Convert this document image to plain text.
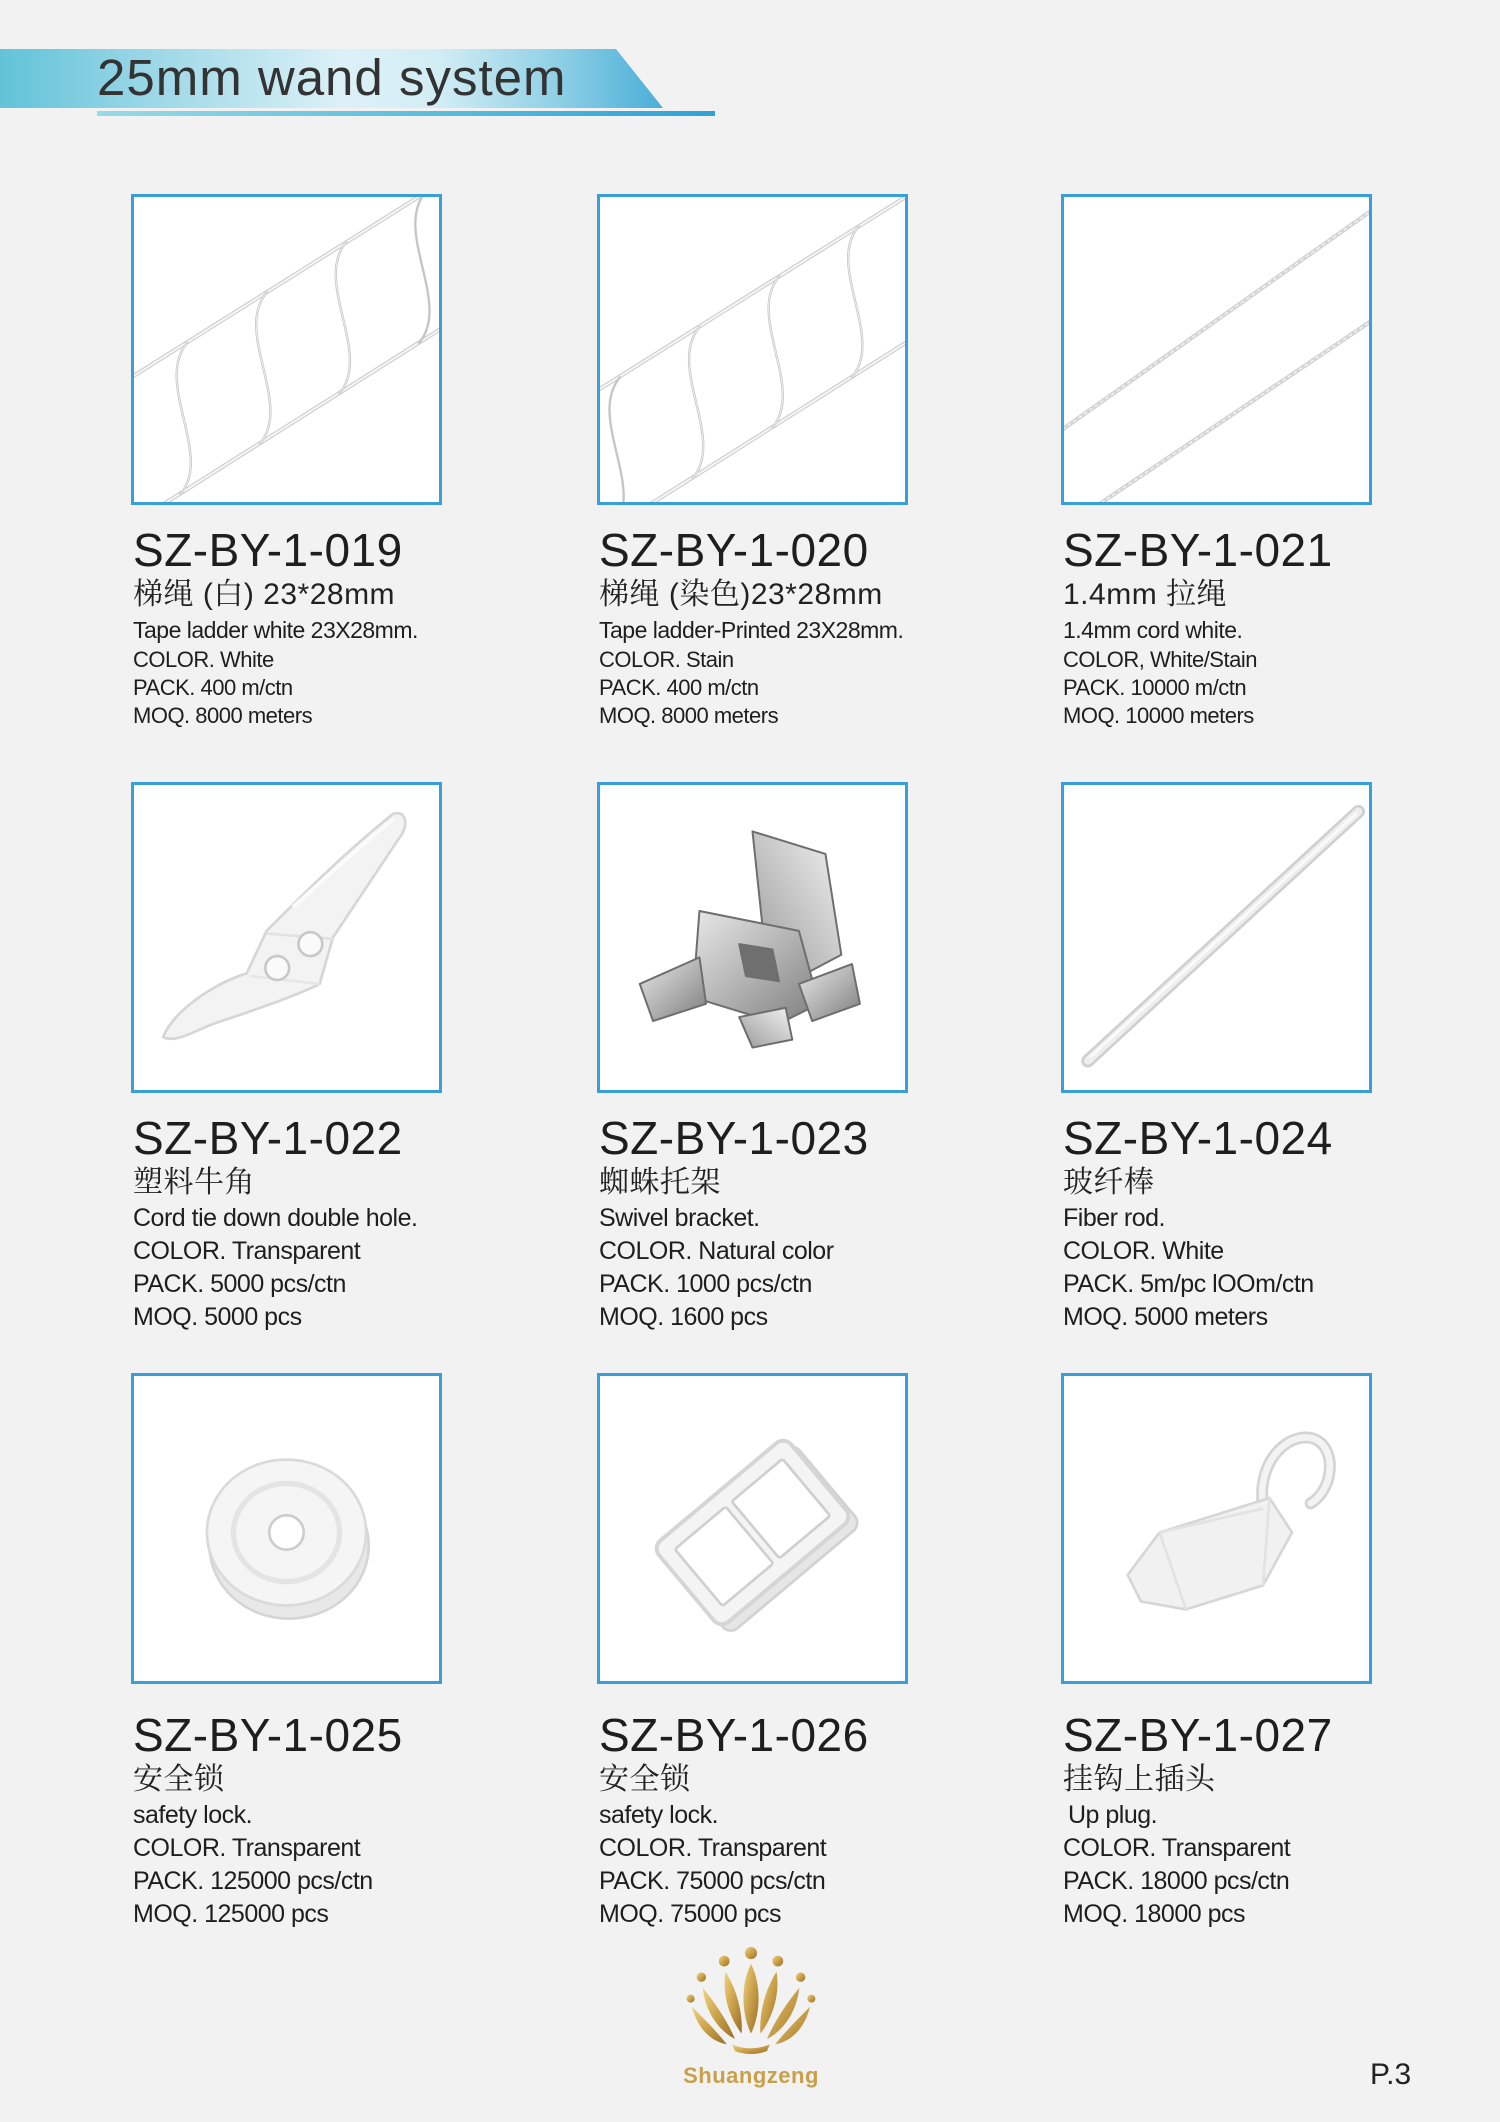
25mm wand system
SZ-BY-1-019
梯绳 (白) 23*28mm
Tape ladder white 23X28mm.
COLOR. White
PACK. 400 m/ctn
MOQ. 8000 meters
SZ-BY-1-020
梯绳 (染色)23*28mm
Tape ladder-Printed 23X28mm.
COLOR. Stain
PACK. 400 m/ctn
MOQ. 8000 meters
SZ-BY-1-021
1.4mm 拉绳
1.4mm cord white.
COLOR, White/Stain
PACK. 10000 m/ctn
MOQ. 10000 meters
SZ-BY-1-022
塑料牛角
Cord tie down double hole.
COLOR. Transparent
PACK. 5000 pcs/ctn
MOQ. 5000 pcs
SZ-BY-1-023
蜘蛛托架
Swivel bracket.
COLOR. Natural color
PACK. 1000 pcs/ctn
MOQ. 1600 pcs
SZ-BY-1-024
玻纤棒
Fiber rod.
COLOR. White
PACK. 5m/pc lOOm/ctn
MOQ. 5000 meters
SZ-BY-1-025
安全锁
safety lock.
COLOR. Transparent
PACK. 125000 pcs/ctn
MOQ. 125000 pcs
SZ-BY-1-026
安全锁
safety lock.
COLOR. Transparent
PACK. 75000 pcs/ctn
MOQ. 75000 pcs
SZ-BY-1-027
挂钩上插头
Up plug.
COLOR. Transparent
PACK. 18000 pcs/ctn
MOQ. 18000 pcs
Shuangzeng	P.3
